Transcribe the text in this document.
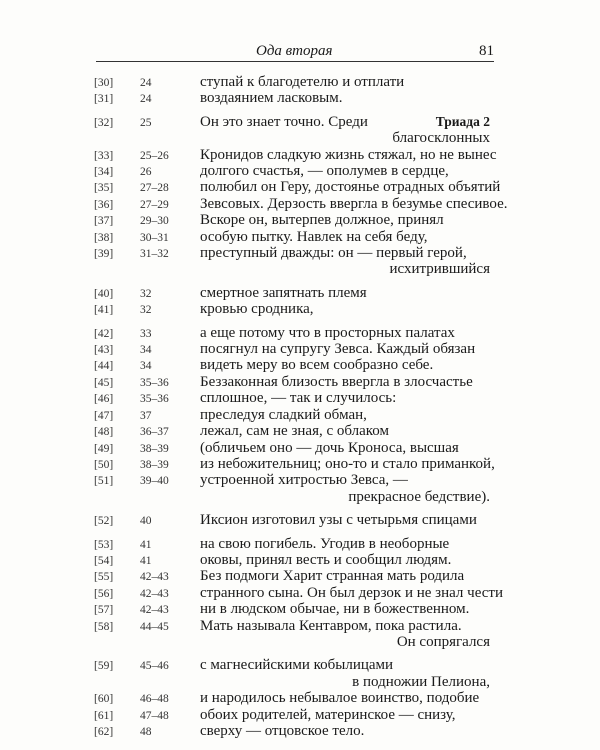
Ода вторая	81
[30] 24	ступай к благодетелю и отплати
[31] 24	воздаянием ласковым.
[32] 25	Он это знает точно. Среди	Триада 2
благосклонных
[33] 25–26 Кронидов сладкую жизнь стяжал, но не вынес
[34] 26	долгого счастья, — ополумев в сердце,
[35] 27–28 полюбил он Геру, достоянье отрадных объятий
[36] 27–29 Зевсовых. Дерзость ввергла в безумье спесивое.
[37] 29–30 Вскоре он, вытерпев должное, принял
[38] 30–31 особую пытку. Навлек на себя беду,
[39] 31–32 преступный дважды: он — первый герой,
исхитрившийся
[40] 32	смертное запятнать племя
[41] 32	кровью сродника,
[42] 33	а еще потому что в просторных палатах
[43] 34	посягнул на супругу Зевса. Каждый обязан
[44] 34	видеть меру во всем сообразно себе.
[45] 35–36 Беззаконная близость ввергла в злосчастье
[46] 35–36 сплошное, — так и случилось:
[47] 37	преследуя сладкий обман,
[48] 36–37 лежал, сам не зная, с облаком
[49] 38–39 (обличьем оно — дочь Кроноса, высшая
[50] 38–39 из небожительниц; оно-то и стало приманкой,
[51] 39–40 устроенной хитростью Зевса, —
прекрасное бедствие).
[52] 40	Иксион изготовил узы с четырьмя спицами
[53] 41	на свою погибель. Угодив в необорные
[54] 41	оковы, принял весть и сообщил людям.
[55] 42–43 Без подмоги Харит странная мать родила
[56] 42–43 странного сына. Он был дерзок и не знал чести
[57] 42–43 ни в людском обычае, ни в божественном.
[58] 44–45 Мать называла Кентавром, пока растила.
Он сопрягался
[59] 45–46 с магнесийскими кобылицами
в подножии Пелиона,
[60] 46–48 и народилось небывалое воинство, подобие
[61] 47–48 обоих родителей, материнское — снизу,
[62] 48	сверху — отцовское тело.
